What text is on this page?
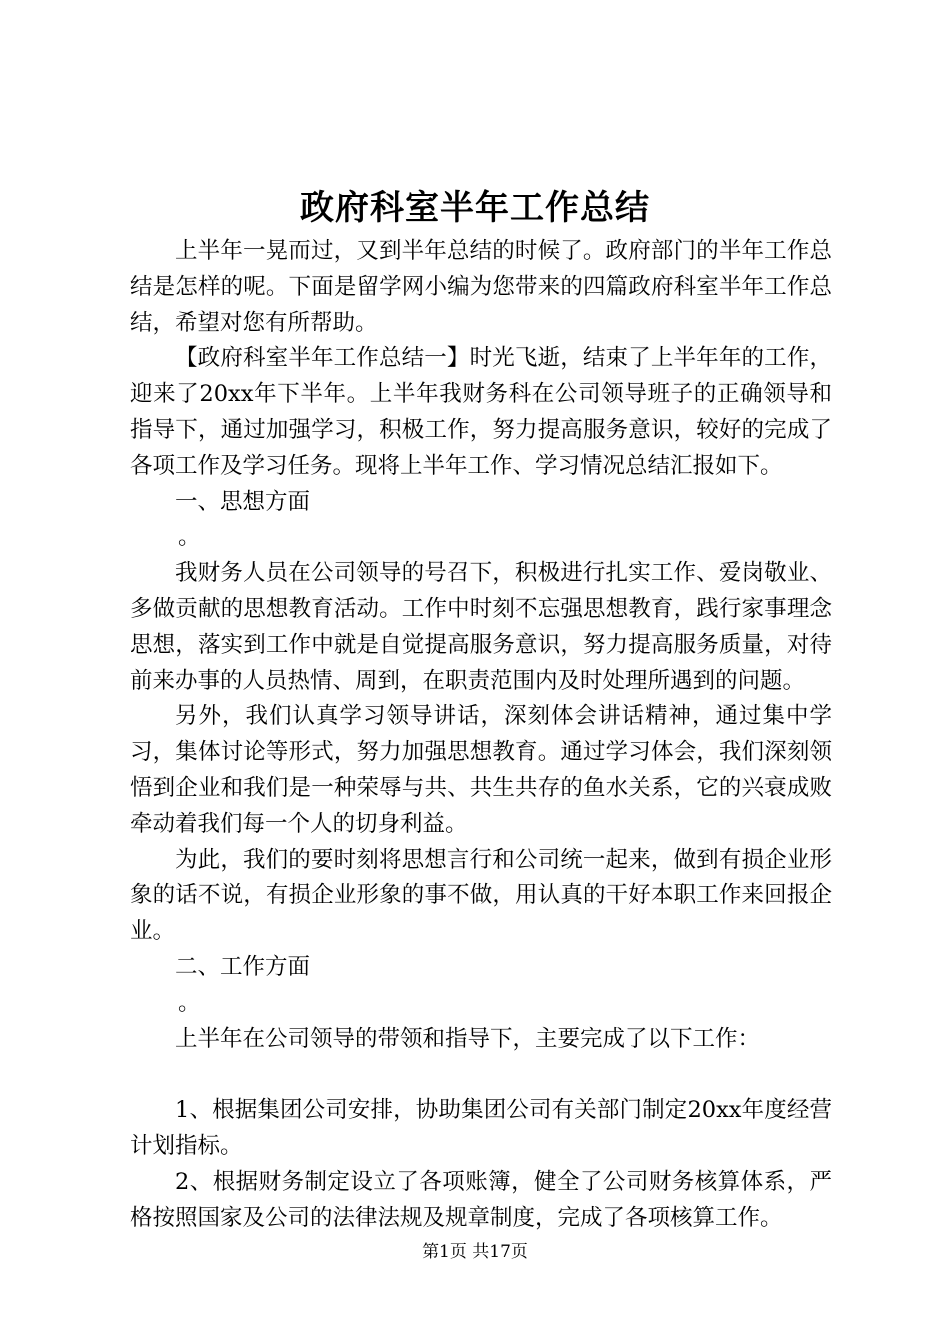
政府科室半年工作总结

上半年一晃而过，又到半年总结的时候了。政府部门的半年工作总结是怎样的呢。下面是留学网小编为您带来的四篇政府科室半年工作总结，希望对您有所帮助。

【政府科室半年工作总结一】时光飞逝，结束了上半年年的工作，迎来了20xx年下半年。上半年我财务科在公司领导班子的正确领导和指导下，通过加强学习，积极工作，努力提高服务意识，较好的完成了各项工作及学习任务。现将上半年工作、学习情况总结汇报如下。

一、思想方面

。

我财务人员在公司领导的号召下，积极进行扎实工作、爱岗敬业、多做贡献的思想教育活动。工作中时刻不忘强思想教育，践行家事理念思想，落实到工作中就是自觉提高服务意识，努力提高服务质量，对待前来办事的人员热情、周到，在职责范围内及时处理所遇到的问题。

另外，我们认真学习领导讲话，深刻体会讲话精神，通过集中学习，集体讨论等形式，努力加强思想教育。通过学习体会，我们深刻领悟到企业和我们是一种荣辱与共、共生共存的鱼水关系，它的兴衰成败牵动着我们每一个人的切身利益。

为此，我们的要时刻将思想言行和公司统一起来，做到有损企业形象的话不说，有损企业形象的事不做，用认真的干好本职工作来回报企业。

二、工作方面

。

上半年在公司领导的带领和指导下，主要完成了以下工作：

1、根据集团公司安排，协助集团公司有关部门制定20xx年度经营计划指标。

2、根据财务制定设立了各项账簿，健全了公司财务核算体系，严格按照国家及公司的法律法规及规章制度，完成了各项核算工作。

第1页 共17页
